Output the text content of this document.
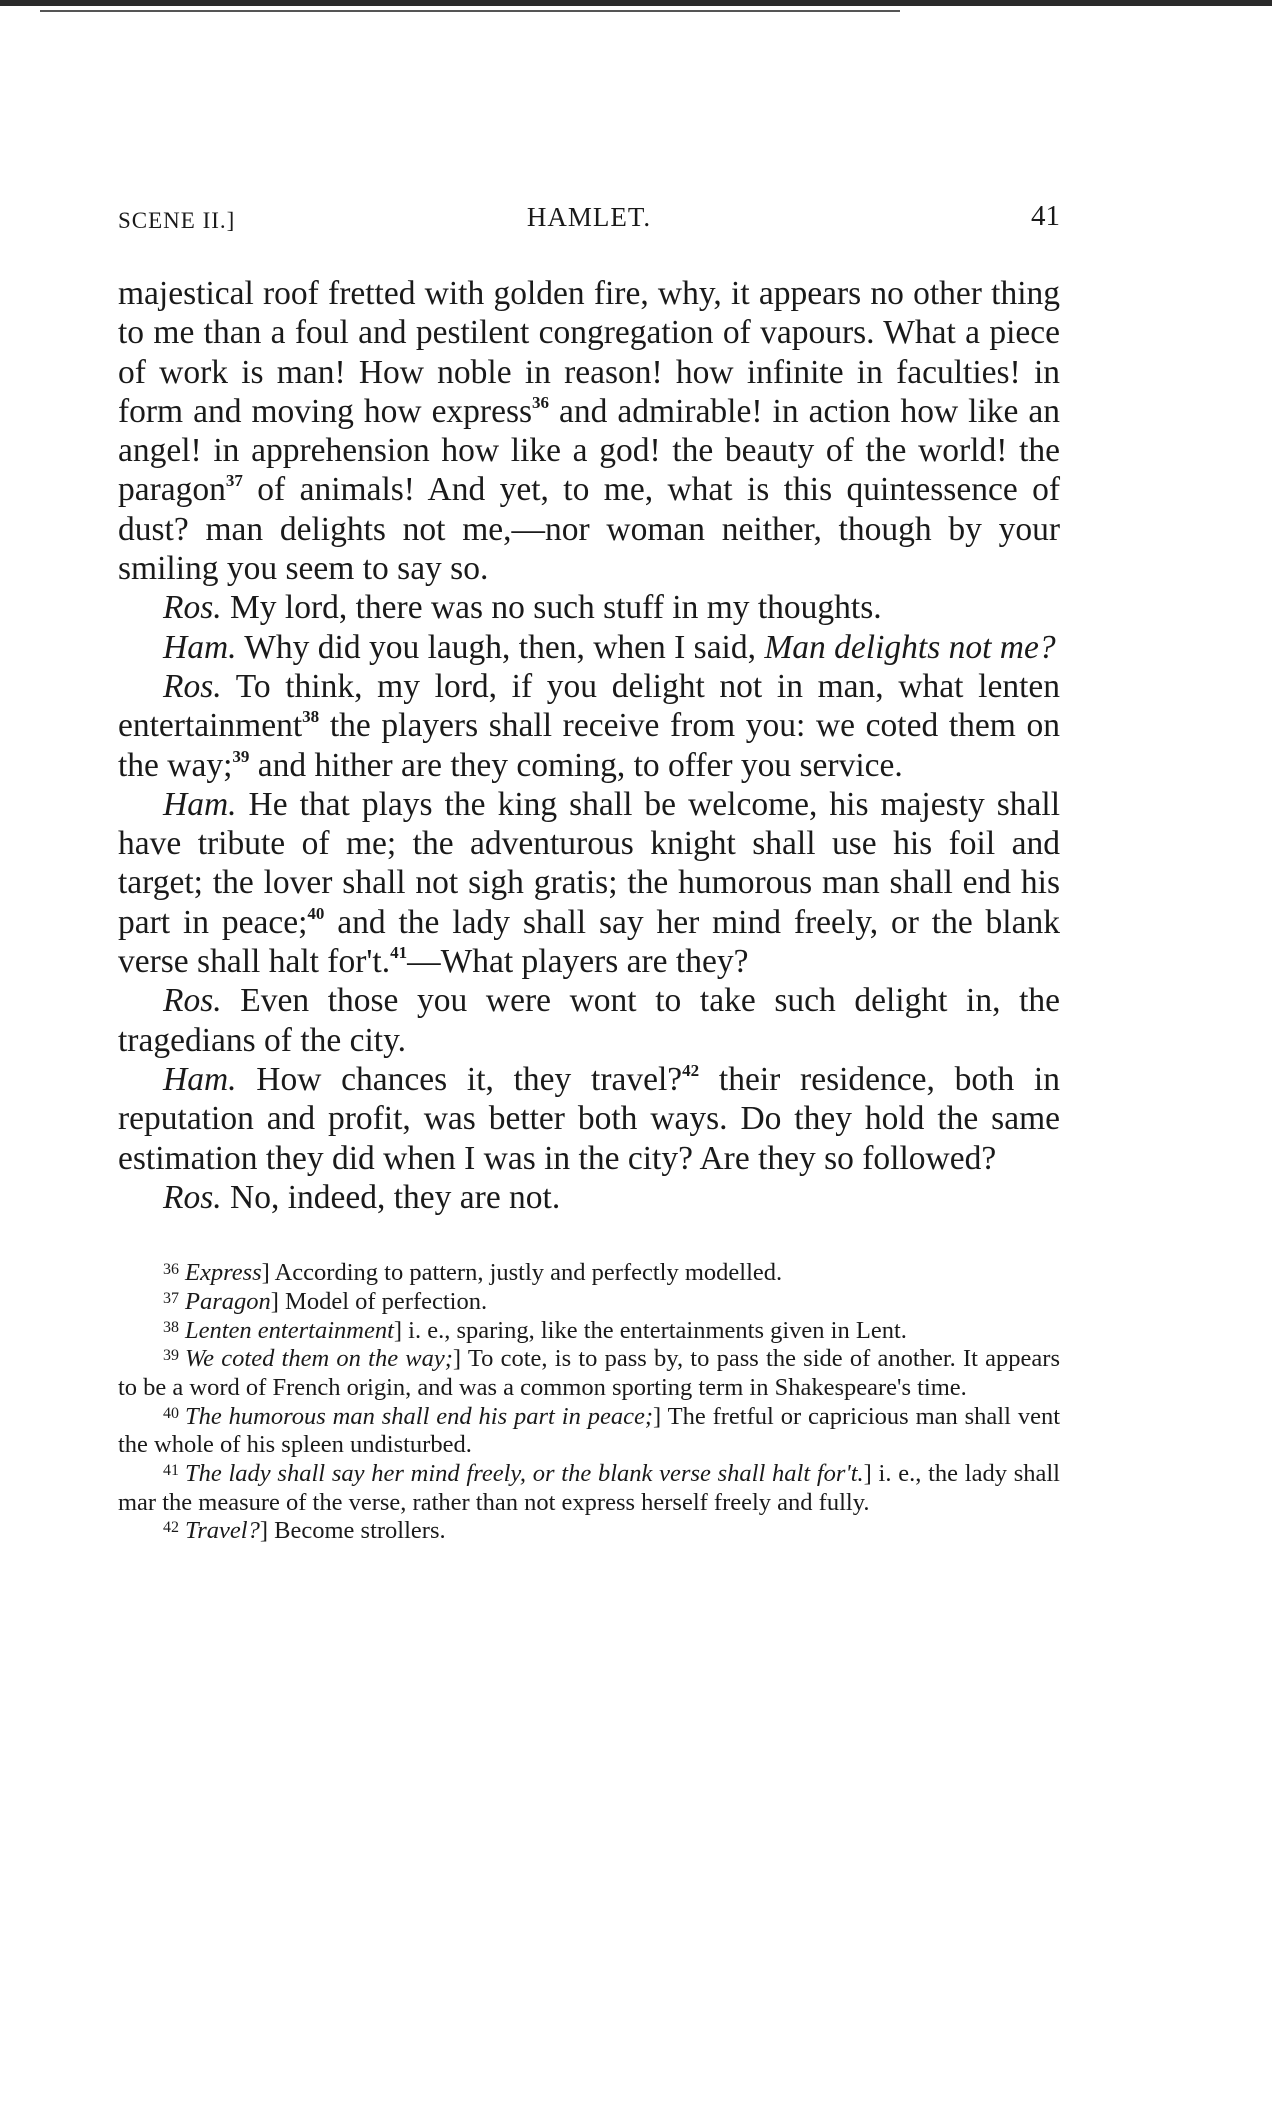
SCENE II.]	HAMLET.	41

majestical roof fretted with golden fire, why, it appears no other thing to me than a foul and pestilent congregation of vapours. What a piece of work is man! How noble in reason! how infinite in faculties! in form and moving how express$^{36}$ and admirable! in action how like an angel! in apprehension how like a god! the beauty of the world! the paragon$^{37}$ of animals! And yet, to me, what is this quintessence of dust? man delights not me,—nor woman neither, though by your smiling you seem to say so.

Ros. My lord, there was no such stuff in my thoughts.

Ham. Why did you laugh, then, when I said, Man delights not me?

Ros. To think, my lord, if you delight not in man, what lenten entertainment$^{38}$ the players shall receive from you: we coted them on the way;$^{39}$ and hither are they coming, to offer you service.

Ham. He that plays the king shall be welcome, his majesty shall have tribute of me; the adventurous knight shall use his foil and target; the lover shall not sigh gratis; the humorous man shall end his part in peace;$^{40}$ and the lady shall say her mind freely, or the blank verse shall halt for't.$^{41}$—What players are they?

Ros. Even those you were wont to take such delight in, the tragedians of the city.

Ham. How chances it, they travel?$^{42}$ their residence, both in reputation and profit, was better both ways. Do they hold the same estimation they did when I was in the city? Are they so followed?

Ros. No, indeed, they are not.

$^{36}$ Express] According to pattern, justly and perfectly modelled.

$^{37}$ Paragon] Model of perfection.

$^{38}$ Lenten entertainment] i. e., sparing, like the entertainments given in Lent.

$^{39}$ We coted them on the way;] To cote, is to pass by, to pass the side of another. It appears to be a word of French origin, and was a common sporting term in Shakespeare's time.

$^{40}$ The humorous man shall end his part in peace;] The fretful or capricious man shall vent the whole of his spleen undisturbed.

$^{41}$ The lady shall say her mind freely, or the blank verse shall halt for't.] i. e., the lady shall mar the measure of the verse, rather than not express herself freely and fully.

$^{42}$ Travel?] Become strollers.
